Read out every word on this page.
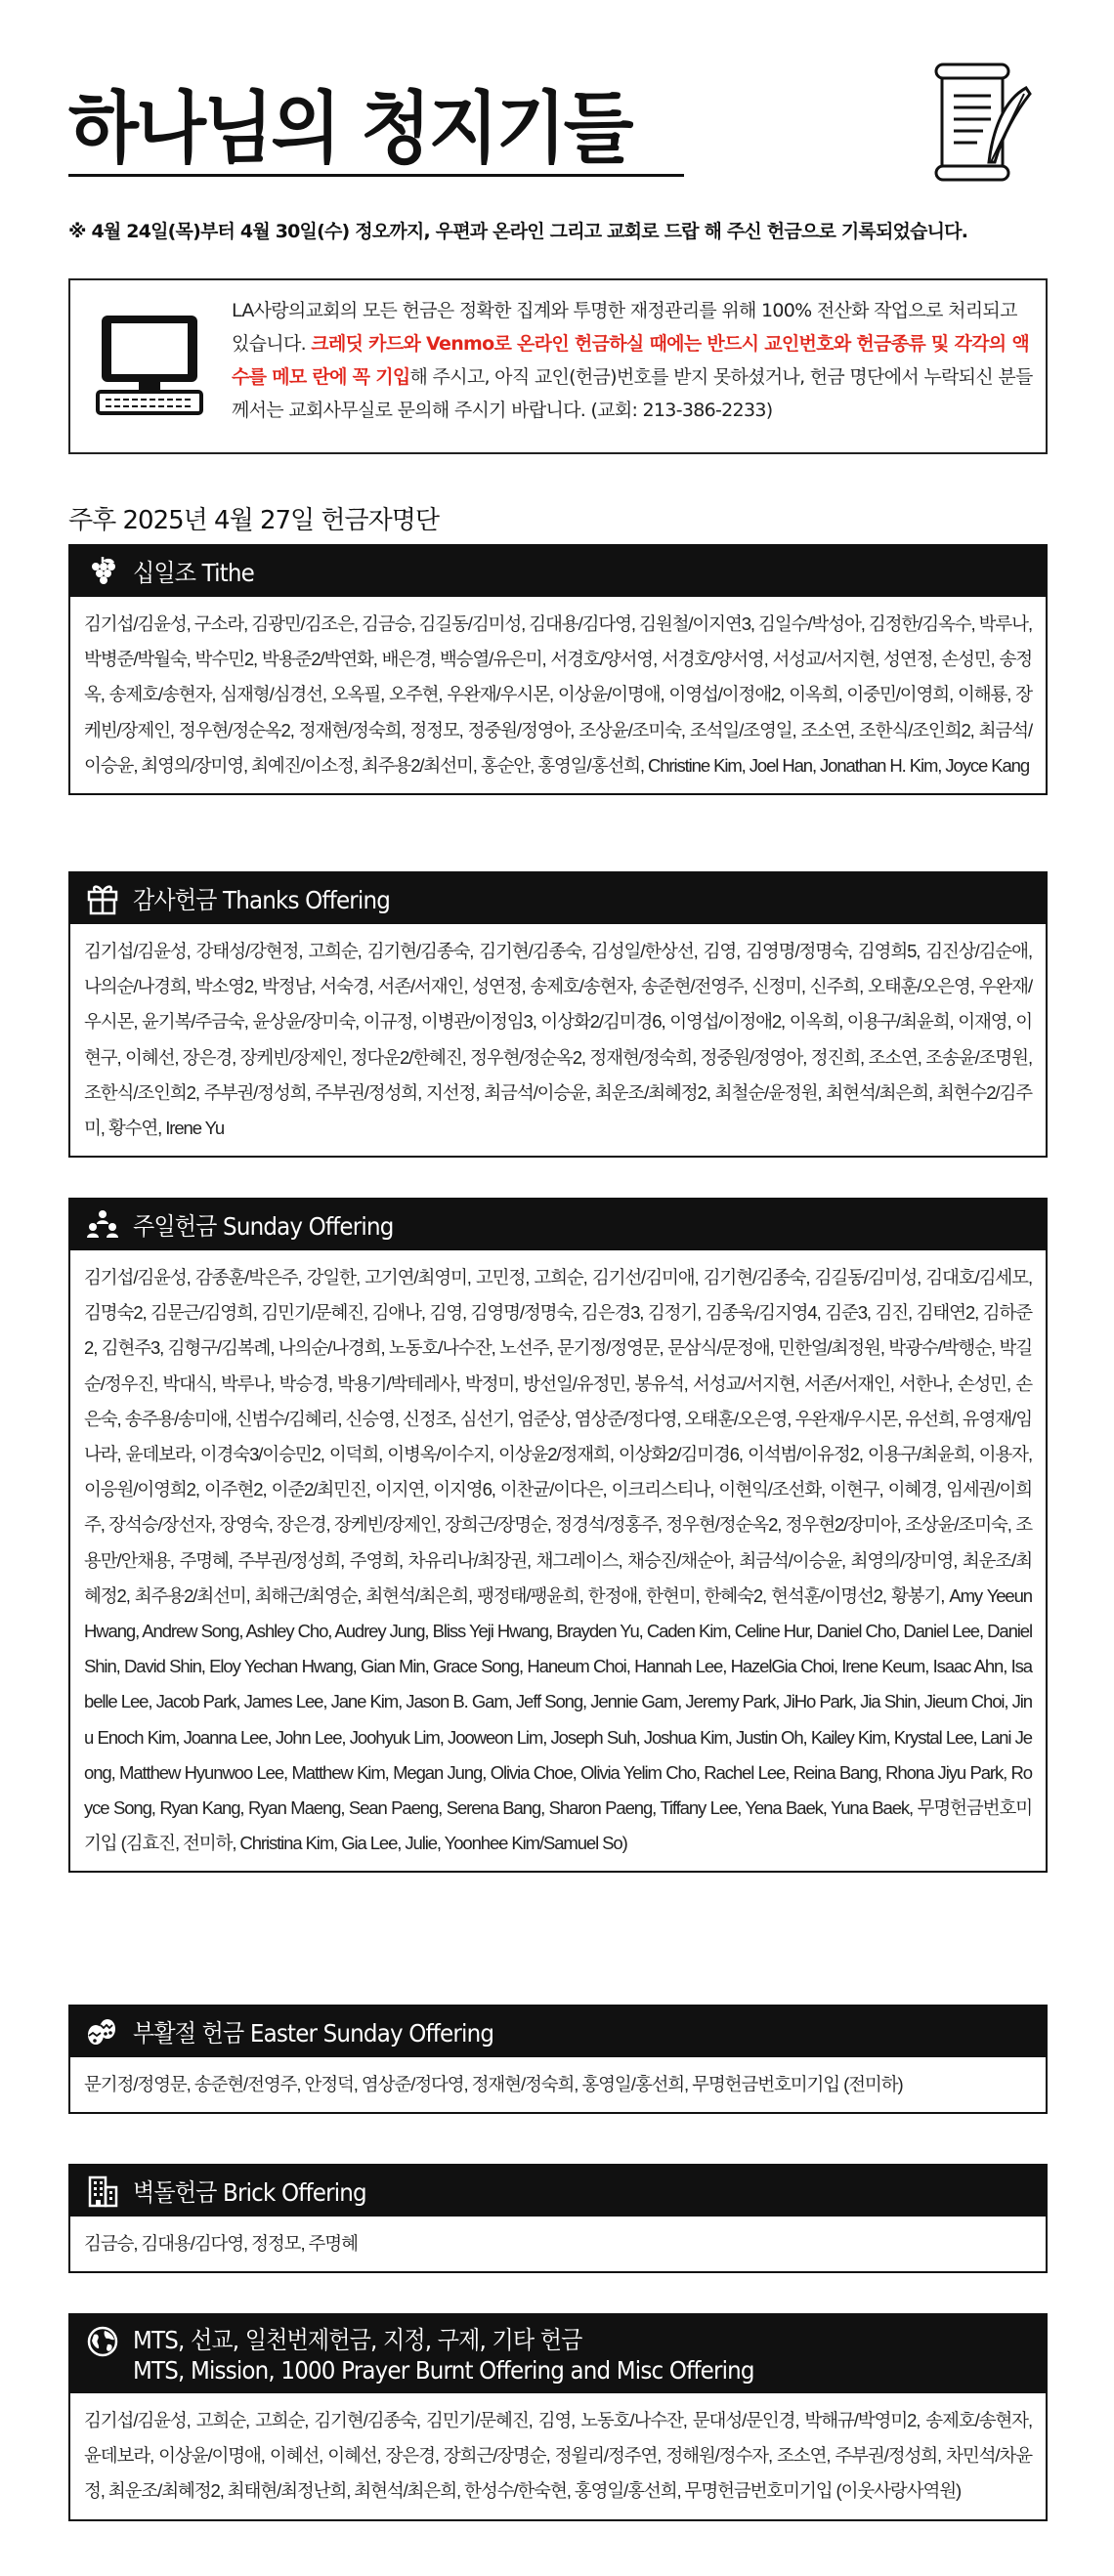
하나님의 청지기들
※ 4월 24일(목)부터 4월 30일(수) 정오까지, 우편과 온라인 그리고 교회로 드랍 해 주신 헌금으로 기록되었습니다.
LA사랑의교회의 모든 헌금은 정확한 집계와 투명한 재정관리를 위해 100% 전산화 작업으로 처리되고 있습니다. 크레딧 카드와 Venmo로 온라인 헌금하실 때에는 반드시 교인번호와 헌금종류 및 각각의 액수를 메모 란에 꼭 기입해 주시고, 아직 교인(헌금)번호를 받지 못하셨거나, 헌금 명단에서 누락되신 분들께서는 교회사무실로 문의해 주시기 바랍니다. (교회: 213-386-2233)
주후 2025년 4월 27일 헌금자명단
십일조 Tithe
김기섭/김윤성, 구소라, 김광민/김조은, 김금승, 김길동/김미성, 김대용/김다영, 김원철/이지연3, 김일수/박성아, 김정한/김옥수, 박루나, 박병준/박월숙, 박수민2, 박용준2/박연화, 배은경, 백승열/유은미, 서경호/양서영, 서경호/양서영, 서성교/서지현, 성연정, 손성민, 송정옥, 송제호/송현자, 심재형/심경선, 오옥필, 오주현, 우완재/우시몬, 이상윤/이명애, 이영섭/이정애2, 이옥희, 이중민/이영희, 이해룡, 장케빈/장제인, 정우현/정순옥2, 정재현/정숙희, 정정모, 정중원/정영아, 조상윤/조미숙, 조석일/조영일, 조소연, 조한식/조인희2, 최금석/이승윤, 최영의/장미영, 최예진/이소정, 최주용2/최선미, 홍순안, 홍영일/홍선희, Christine Kim, Joel Han, Jonathan H. Kim, Joyce Kang
감사헌금 Thanks Offering
김기섭/김윤성, 강태성/강현정, 고희순, 김기현/김종숙, 김기현/김종숙, 김성일/한상선, 김영, 김영명/정명숙, 김영희5, 김진상/김순애, 나의순/나경희, 박소영2, 박정남, 서숙경, 서존/서재인, 성연정, 송제호/송현자, 송준현/전영주, 신정미, 신주희, 오태훈/오은영, 우완재/우시몬, 윤기복/주금숙, 윤상윤/장미숙, 이규정, 이병관/이정임3, 이상화2/김미경6, 이영섭/이정애2, 이옥희, 이용구/최윤희, 이재영, 이현구, 이혜선, 장은경, 장케빈/장제인, 정다운2/한혜진, 정우현/정순옥2, 정재현/정숙희, 정중원/정영아, 정진희, 조소연, 조송윤/조명원, 조한식/조인희2, 주부권/정성희, 주부권/정성희, 지선정, 최금석/이승윤, 최운조/최혜정2, 최철순/윤정원, 최현석/최은희, 최현수2/김주미, 황수연, Irene Yu
주일헌금 Sunday Offering
김기섭/김윤성, 감종훈/박은주, 강일한, 고기연/최영미, 고민정, 고희순, 김기선/김미애, 김기현/김종숙, 김길동/김미성, 김대호/김세모, 김명숙2, 김문근/김영희, 김민기/문혜진, 김애나, 김영, 김영명/정명숙, 김은경3, 김정기, 김종욱/김지영4, 김준3, 김진, 김태연2, 김하준2, 김현주3, 김형구/김복례, 나의순/나경희, 노동호/나수잔, 노선주, 문기정/정영문, 문삼식/문정애, 민한얼/최정원, 박광수/박행순, 박길순/정우진, 박대식, 박루나, 박승경, 박용기/박테레사, 박정미, 방선일/유정민, 봉유석, 서성교/서지현, 서존/서재인, 서한나, 손성민, 손은숙, 송주용/송미애, 신범수/김혜리, 신승영, 신정조, 심선기, 엄준상, 염상준/정다영, 오태훈/오은영, 우완재/우시몬, 유선희, 유영재/임나라, 윤데보라, 이경숙3/이승민2, 이덕희, 이병옥/이수지, 이상윤2/정재희, 이상화2/김미경6, 이석범/이유정2, 이용구/최윤희, 이용자, 이응원/이영희2, 이주현2, 이준2/최민진, 이지연, 이지영6, 이찬균/이다은, 이크리스티나, 이현익/조선화, 이현구, 이혜경, 임세권/이희주, 장석승/장선자, 장영숙, 장은경, 장케빈/장제인, 장희근/장명순, 정경석/정홍주, 정우현/정순옥2, 정우현2/장미아, 조상윤/조미숙, 조용만/안채용, 주명혜, 주부권/정성희, 주영희, 차유리나/최장권, 채그레이스, 채승진/채순아, 최금석/이승윤, 최영의/장미영, 최운조/최혜정2, 최주용2/최선미, 최해근/최영순, 최현석/최은희, 팽정태/팽윤희, 한정애, 한현미, 한혜숙2, 현석훈/이명선2, 황봉기, Amy Yeeun Hwang, Andrew Song, Ashley Cho, Audrey Jung, Bliss Yeji Hwang, Brayden Yu, Caden Kim, Celine Hur, Daniel Cho, Daniel Lee, Daniel Shin, David Shin, Eloy Yechan Hwang, Gian Min, Grace Song, Haneum Choi, Hannah Lee, HazelGia Choi, Irene Keum, Isaac Ahn, Isabelle Lee, Jacob Park, James Lee, Jane Kim, Jason B. Gam, Jeff Song, Jennie Gam, Jeremy Park, JiHo Park, Jia Shin, Jieum Choi, Jinu Enoch Kim, Joanna Lee, John Lee, Joohyuk Lim, Jooweon Lim, Joseph Suh, Joshua Kim, Justin Oh, Kailey Kim, Krystal Lee, Lani Jeong, Matthew Hyunwoo Lee, Matthew Kim, Megan Jung, Olivia Choe, Olivia Yelim Cho, Rachel Lee, Reina Bang, Rhona Jiyu Park, Royce Song, Ryan Kang, Ryan Maeng, Sean Paeng, Serena Bang, Sharon Paeng, Tiffany Lee, Yena Baek, Yuna Baek, 무명헌금번호미기입 (김효진, 전미하, Christina Kim, Gia Lee, Julie, Yoonhee Kim/Samuel So)
부활절 헌금 Easter Sunday Offering
문기정/정영문, 송준현/전영주, 안정덕, 염상준/정다영, 정재현/정숙희, 홍영일/홍선희, 무명헌금번호미기입 (전미하)
벽돌헌금 Brick Offering
김금승, 김대용/김다영, 정정모, 주명혜
MTS, 선교, 일천번제헌금, 지정, 구제, 기타 헌금
MTS, Mission, 1000 Prayer Burnt Offering and Misc Offering
김기섭/김윤성, 고희순, 고희순, 김기현/김종숙, 김민기/문혜진, 김영, 노동호/나수잔, 문대성/문인경, 박해규/박영미2, 송제호/송현자, 윤데보라, 이상윤/이명애, 이혜선, 이혜선, 장은경, 장희근/장명순, 정윌리/정주연, 정해원/정수자, 조소연, 주부권/정성희, 차민석/차윤정, 최운조/최혜정2, 최태현/최정난희, 최현석/최은희, 한성수/한숙현, 홍영일/홍선희, 무명헌금번호미기입 (이웃사랑사역원)
